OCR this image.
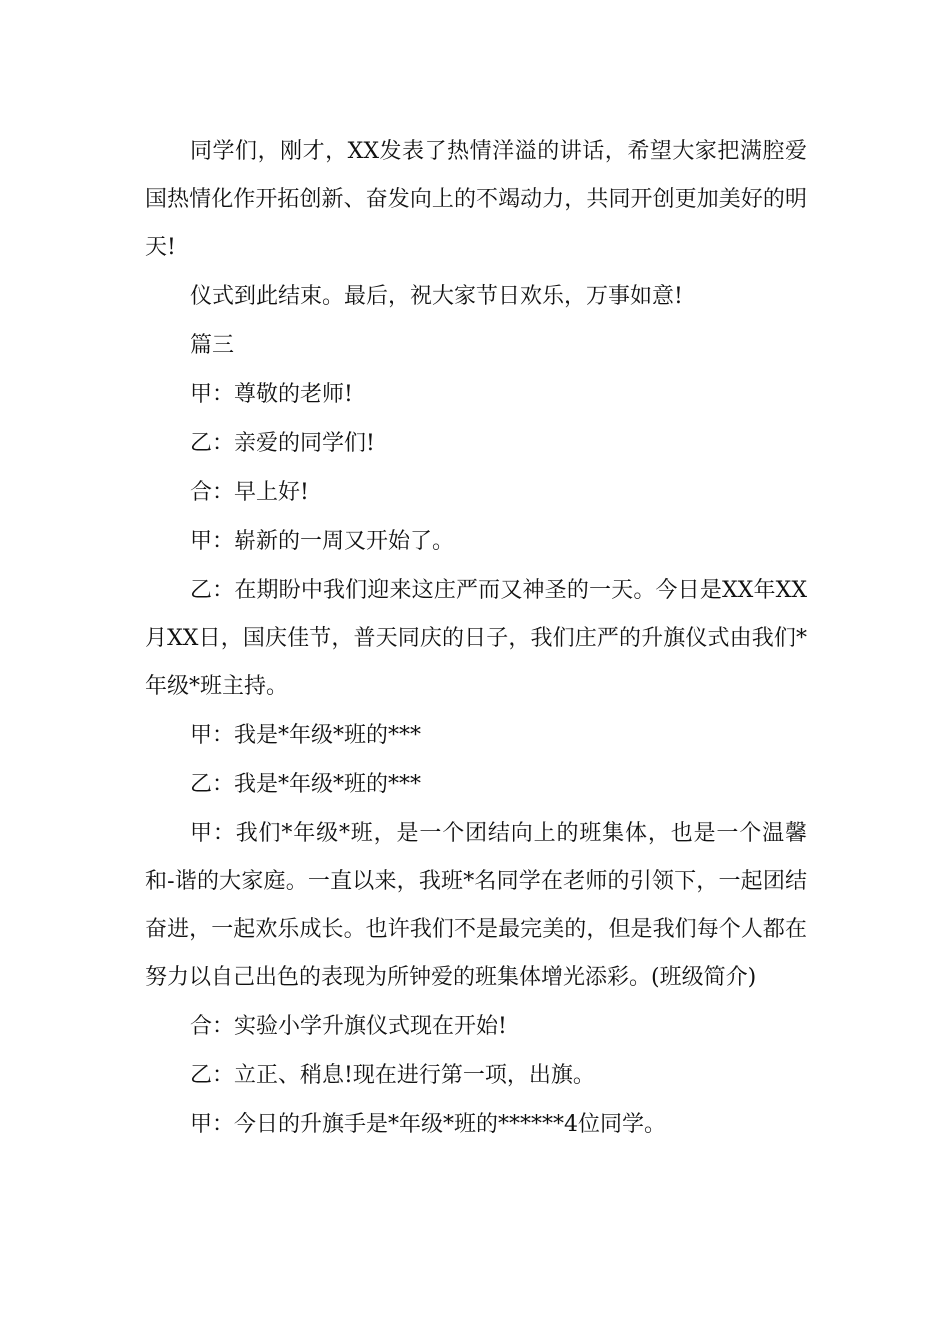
同学们，刚才，XX发表了热情洋溢的讲话，希望大家把满腔爱国热情化作开拓创新、奋发向上的不竭动力，共同开创更加美好的明天!

仪式到此结束。最后，祝大家节日欢乐，万事如意!

篇三

甲：尊敬的老师!

乙：亲爱的同学们!

合：早上好!

甲：崭新的一周又开始了。

乙：在期盼中我们迎来这庄严而又神圣的一天。今日是XX年XX月XX日，国庆佳节，普天同庆的日子，我们庄严的升旗仪式由我们*年级*班主持。

甲：我是*年级*班的***

乙：我是*年级*班的***

甲：我们*年级*班，是一个团结向上的班集体，也是一个温馨和-谐的大家庭。一直以来，我班*名同学在老师的引领下，一起团结奋进，一起欢乐成长。也许我们不是最完美的，但是我们每个人都在努力以自己出色的表现为所钟爱的班集体增光添彩。(班级简介)

合：实验小学升旗仪式现在开始!

乙：立正、稍息!现在进行第一项，出旗。

甲：今日的升旗手是*年级*班的******4位同学。
